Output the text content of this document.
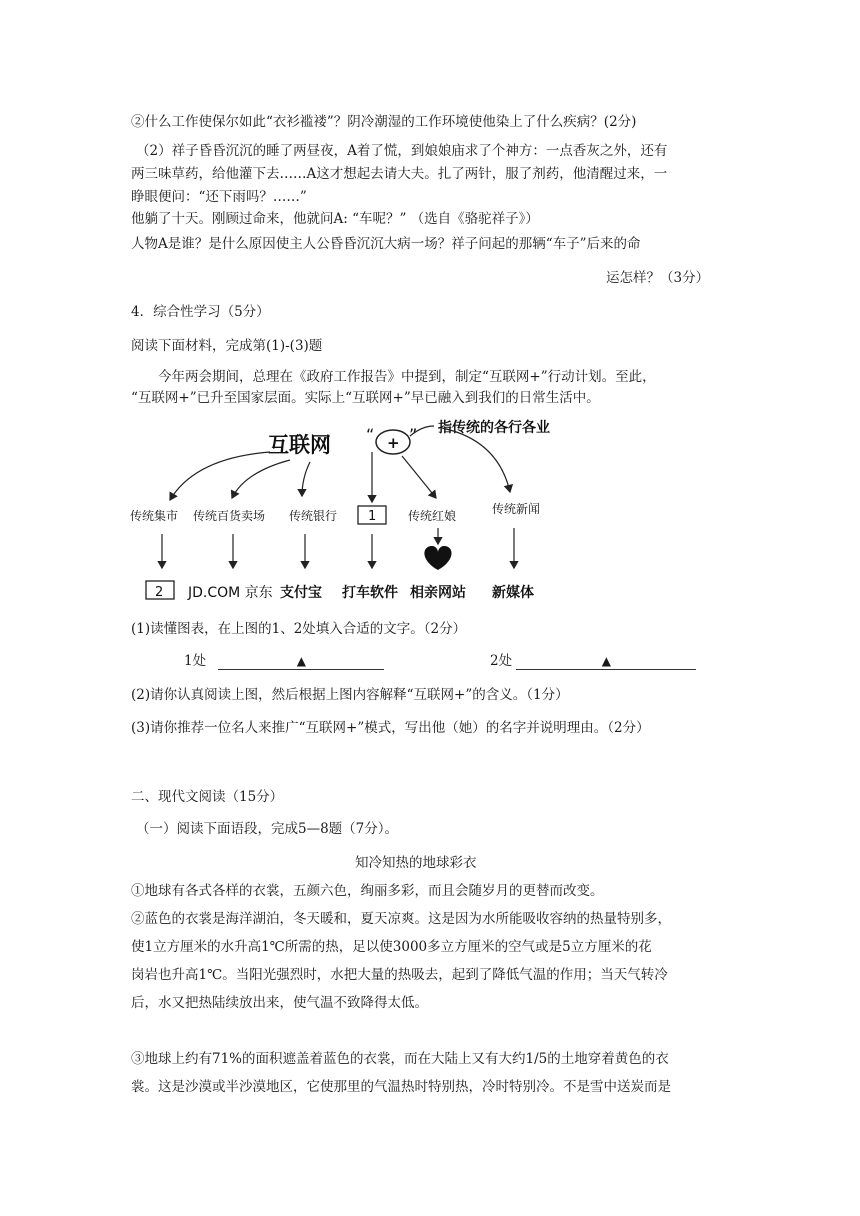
②什么工作使保尔如此“衣衫褴褛”？阴冷潮湿的工作环境使他染上了什么疾病？(2分)
（2）祥子昏昏沉沉的睡了两昼夜，A着了慌，到娘娘庙求了个神方：一点香灰之外，还有
两三味草药，给他灌下去……A这才想起去请大夫。扎了两针，服了剂药，他清醒过来，一
睁眼便问：“还下雨吗？……”
他躺了十天。刚顾过命来，他就问A: “车呢？” （选自《骆驼祥子》）
人物A是谁？是什么原因使主人公昏昏沉沉大病一场？祥子问起的那辆“车子”后来的命
运怎样？（3分）
4．综合性学习（5分）
阅读下面材料，完成第(1)-(3)题
今年两会期间，总理在《政府工作报告》中提到，制定“互联网+”行动计划。至此，
“互联网+”已升至国家层面。实际上“互联网+”早已融入到我们的日常生活中。
互联网 “ + ” 指传统的各行各业
传统集市 传统百货卖场 传统银行 1	传统红娘	传统新闻
2 JD.COM 京东 支付宝 打车软件 相亲网站 新媒体
(1)读懂图表，在上图的1、2处填入合适的文字。（2分）
1处	▲	2处	▲
(2)请你认真阅读上图，然后根据上图内容解释“互联网+”的含义。（1分）
(3)请你推荐一位名人来推广“互联网+”模式，写出他（她）的名字并说明理由。（2分）
二、现代文阅读（15分）
（一）阅读下面语段，完成5—8题（7分）。
知冷知热的地球彩衣
①地球有各式各样的衣裳，五颜六色，绚丽多彩，而且会随岁月的更替而改变。
②蓝色的衣裳是海洋湖泊，冬天暖和，夏天凉爽。这是因为水所能吸收容纳的热量特别多，
使1立方厘米的水升高1℃所需的热，足以使3000多立方厘米的空气或是5立方厘米的花
岗岩也升高1℃。当阳光强烈时，水把大量的热吸去，起到了降低气温的作用；当天气转冷
后，水又把热陆续放出来，使气温不致降得太低。
③地球上约有71%的面积遮盖着蓝色的衣裳，而在大陆上又有大约1/5的土地穿着黄色的衣
裳。这是沙漠或半沙漠地区，它使那里的气温热时特别热，冷时特别冷。不是雪中送炭而是
